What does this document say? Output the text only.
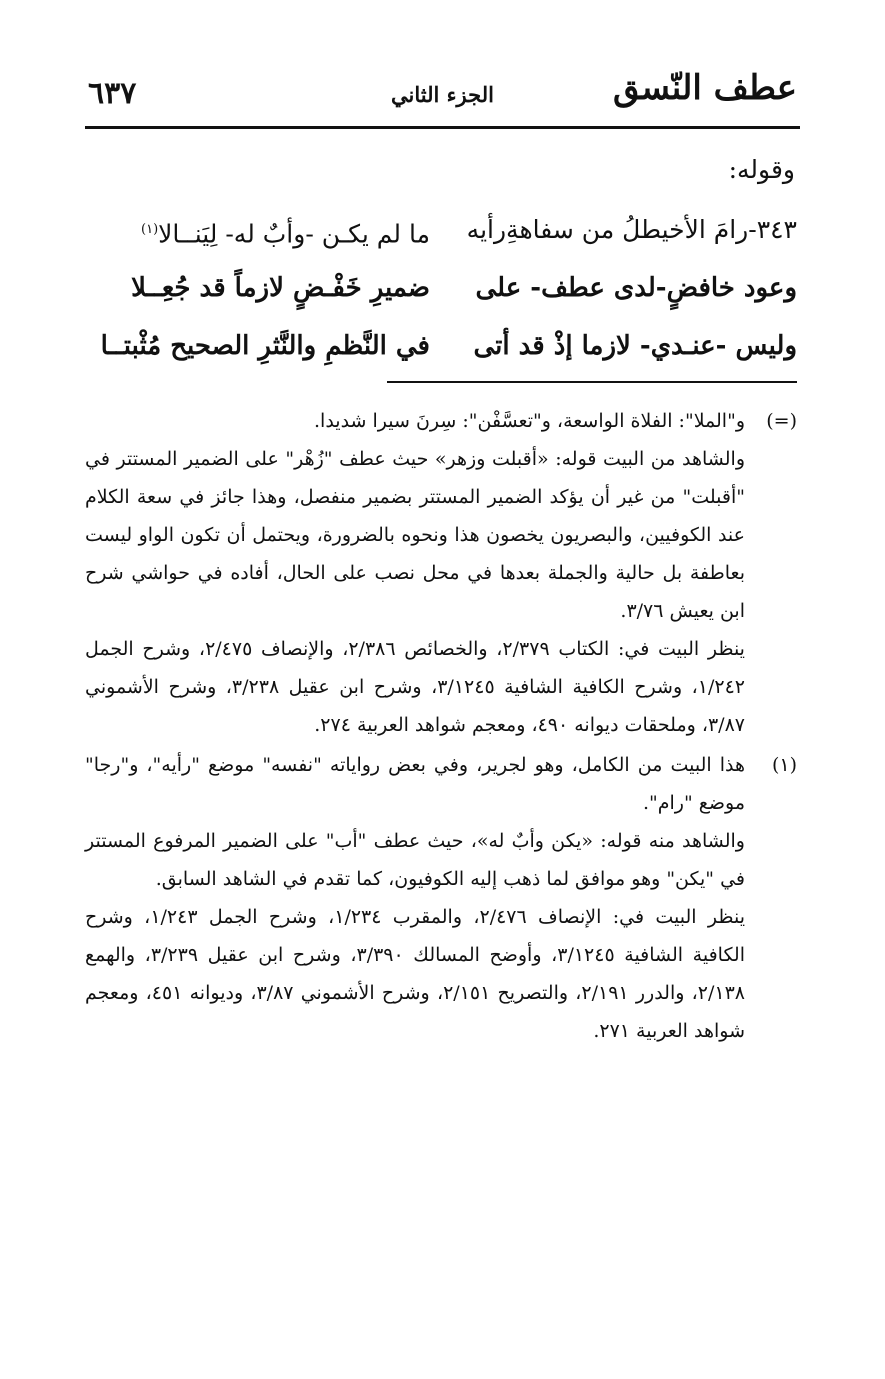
عطف النّسق
الجزء الثاني
٦٣٧
وقوله:
٣٤٣-رامَ الأخيطلُ من سفاهةِرأيه
ما لم يكـن -وأبٌ له- لِيَنــالا$^{(١)}$
وعود خافضٍ-لدى عطف- على
ضميرِ خَفْـضٍ لازماً قد جُعِــلا
وليس -عنـدي- لازما إذْ قد أتى
في النَّظمِ والنَّثرِ الصحيح مُثْبتــا
(=)

و"الملا": الفلاة الواسعة، و"تعسَّفْن": سِرنَ سيرا شديدا.

والشاهد من البيت قوله: «أقبلت وزهر» حيث عطف "زُهْر" على الضمير المستتر في "أقبلت" من غير أن يؤكد الضمير المستتر بضمير منفصل، وهذا جائز في سعة الكلام عند الكوفيين، والبصريون يخصون هذا ونحوه بالضرورة، ويحتمل أن تكون الواو ليست بعاطفة بل حالية والجملة بعدها في محل نصب على الحال، أفاده في حواشي شرح ابن يعيش ٣/٧٦.

ينظر البيت في: الكتاب ٢/٣٧٩، والخصائص ٢/٣٨٦، والإنصاف ٢/٤٧٥، وشرح الجمل ١/٢٤٢، وشرح الكافية الشافية ٣/١٢٤٥، وشرح ابن عقيل ٣/٢٣٨، وشرح الأشموني ٣/٨٧، وملحقات ديوانه ٤٩٠، ومعجم شواهد العربية ٢٧٤.

(١)

هذا البيت من الكامل، وهو لجرير، وفي بعض رواياته "نفسه" موضع "رأيه"، و"رجا" موضع "رام".

والشاهد منه قوله: «يكن وأبٌ له»، حيث عطف "أب" على الضمير المرفوع المستتر في "يكن" وهو موافق لما ذهب إليه الكوفيون، كما تقدم في الشاهد السابق.

ينظر البيت في: الإنصاف ٢/٤٧٦، والمقرب ١/٢٣٤، وشرح الجمل ١/٢٤٣، وشرح الكافية الشافية ٣/١٢٤٥، وأوضح المسالك ٣/٣٩٠، وشرح ابن عقيل ٣/٢٣٩، والهمع ٢/١٣٨، والدرر ٢/١٩١، والتصريح ٢/١٥١، وشرح الأشموني ٣/٨٧، وديوانه ٤٥١، ومعجم شواهد العربية ٢٧١.
